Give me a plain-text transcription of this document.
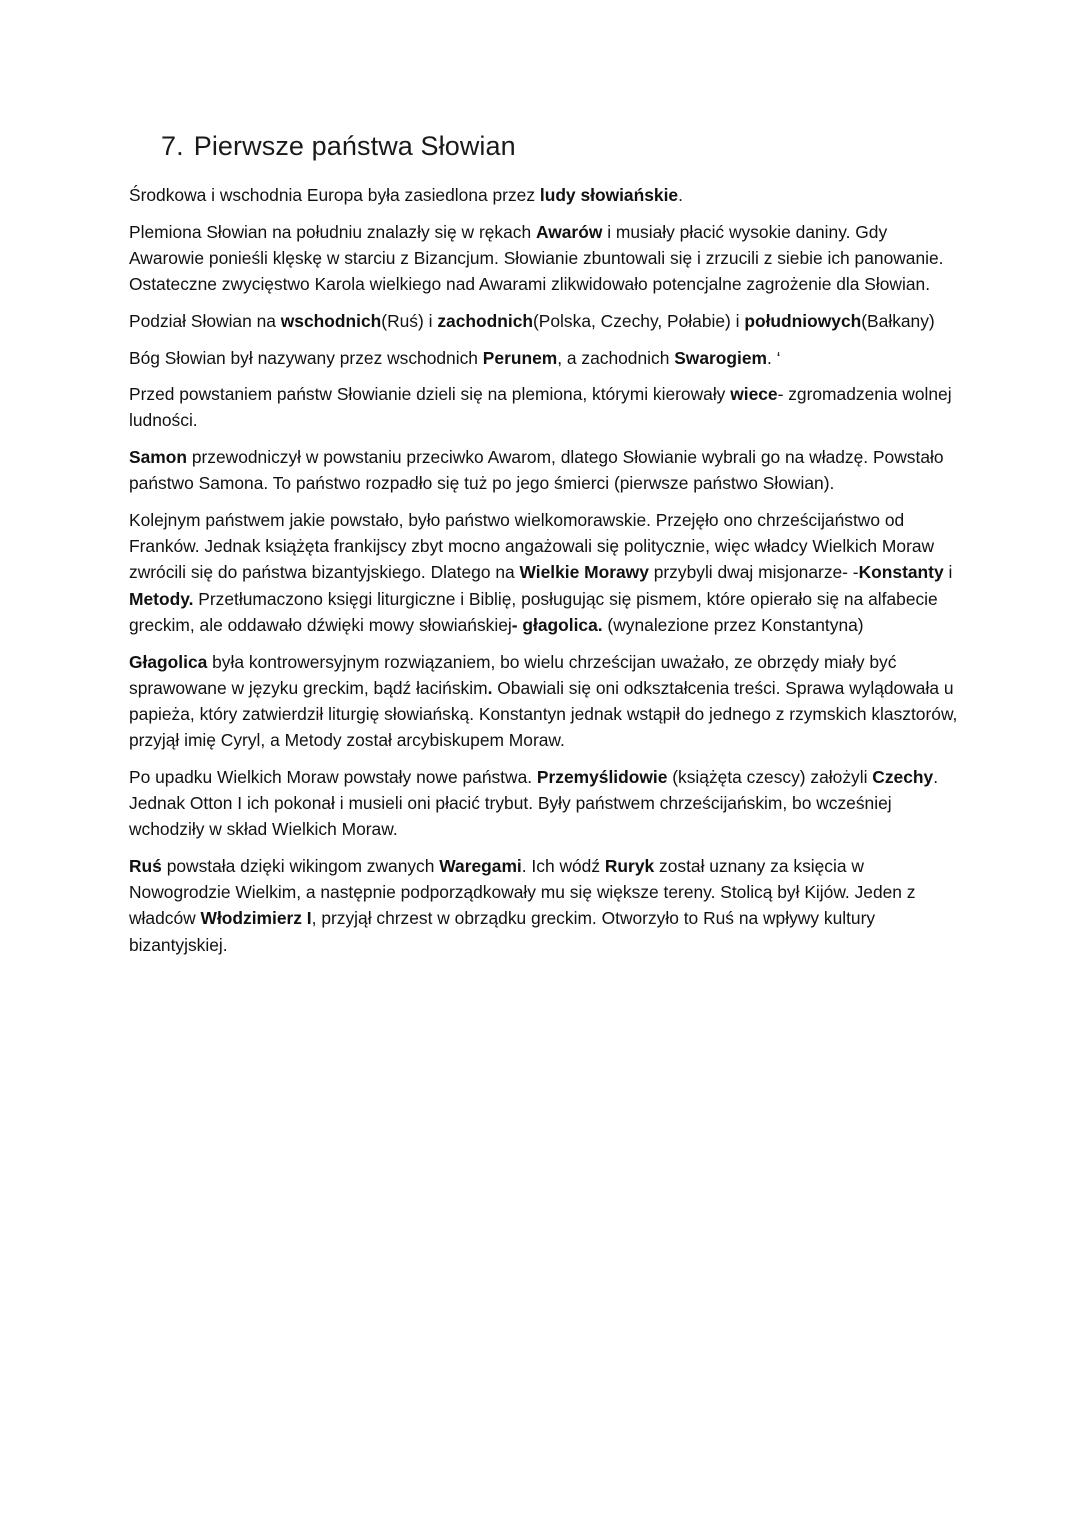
7. Pierwsze państwa Słowian

Środkowa i wschodnia Europa była zasiedlona przez ludy słowiańskie.

Plemiona Słowian na południu znalazły się w rękach Awarów i musiały płacić wysokie daniny. Gdy Awarowie ponieśli klęskę w starciu z Bizancjum. Słowianie zbuntowali się i zrzucili z siebie ich panowanie. Ostateczne zwycięstwo Karola wielkiego nad Awarami zlikwidowało potencjalne zagrożenie dla Słowian.

Podział Słowian na wschodnich(Ruś) i zachodnich(Polska, Czechy, Połabie) i południowych(Bałkany)

Bóg Słowian był nazywany przez wschodnich Perunem, a zachodnich Swarogiem. ‘

Przed powstaniem państw Słowianie dzieli się na plemiona, którymi kierowały wiece- zgromadzenia wolnej ludności.

Samon przewodniczył w powstaniu przeciwko Awarom, dlatego Słowianie wybrali go na władzę. Powstało państwo Samona. To państwo rozpadło się tuż po jego śmierci (pierwsze państwo Słowian).

Kolejnym państwem jakie powstało, było państwo wielkomorawskie. Przejęło ono chrześcijaństwo od Franków. Jednak książęta frankijscy zbyt mocno angażowali się politycznie, więc władcy Wielkich Moraw zwrócili się do państwa bizantyjskiego. Dlatego na Wielkie Morawy przybyli dwaj misjonarze- -Konstanty i Metody. Przetłumaczono księgi liturgiczne i Biblię, posługując się pismem, które opierało się na alfabecie greckim, ale oddawało dźwięki mowy słowiańskiej- głagolica. (wynalezione przez Konstantyna)

Głagolica była kontrowersyjnym rozwiązaniem, bo wielu chrześcijan uważało, ze obrzędy miały być sprawowane w języku greckim, bądź łacińskim. Obawiali się oni odkształcenia treści. Sprawa wylądowała u papieża, który zatwierdził liturgię słowiańską. Konstantyn jednak wstąpił do jednego z rzymskich klasztorów, przyjął imię Cyryl, a Metody został arcybiskupem Moraw.

Po upadku Wielkich Moraw powstały nowe państwa. Przemyślidowie (książęta czescy) założyli Czechy. Jednak Otton I ich pokonał i musieli oni płacić trybut. Były państwem chrześcijańskim, bo wcześniej wchodziły w skład Wielkich Moraw.

Ruś powstała dzięki wikingom zwanych Waregami. Ich wódź Ruryk został uznany za księcia w Nowogrodzie Wielkim, a następnie podporządkowały mu się większe tereny. Stolicą był Kijów. Jeden z władców Włodzimierz I, przyjął chrzest w obrządku greckim. Otworzyło to Ruś na wpływy kultury bizantyjskiej.
